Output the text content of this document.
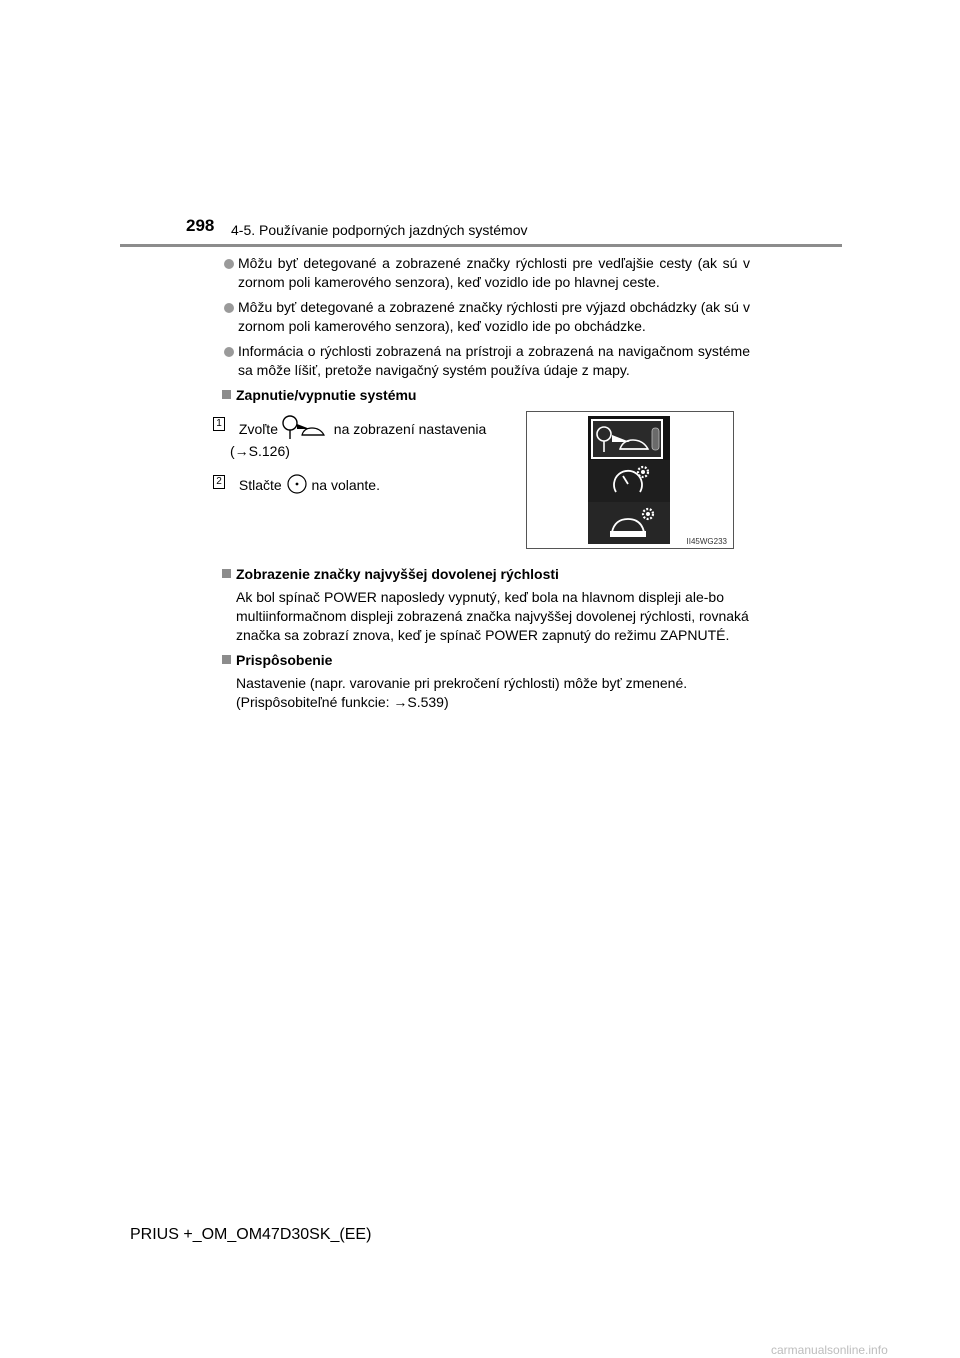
298 4-5. Používanie podporných jazdných systémov
Môžu byť detegované a zobrazené značky rýchlosti pre vedľajšie cesty (ak sú v zornom poli kamerového senzora), keď vozidlo ide po hlavnej ceste.
Môžu byť detegované a zobrazené značky rýchlosti pre výjazd obchádzky (ak sú v zornom poli kamerového senzora), keď vozidlo ide po obchádzke.
Informácia o rýchlosti zobrazená na prístroji a zobrazená na navigačnom systéme sa môže líšiť, pretože navigačný systém používa údaje z mapy.
Zapnutie/vypnutie systému
1 Zvoľte	na zobrazení nastavenia
(→S.126)
2 Stlačte na volante.
II45WG233
Zobrazenie značky najvyššej dovolenej rýchlosti
Ak bol spínač POWER naposledy vypnutý, keď bola na hlavnom displeji ale-bo multiinformačnom displeji zobrazená značka najvyššej dovolenej rýchlosti, rovnaká značka sa zobrazí znova, keď je spínač POWER zapnutý do režimu ZAPNUTÉ.
Prispôsobenie
Nastavenie (napr. varovanie pri prekročení rýchlosti) môže byť zmenené.
(Prispôsobiteľné funkcie: →S.539)
PRIUS +_OM_OM47D30SK_(EE)
carmanualsonline.info
